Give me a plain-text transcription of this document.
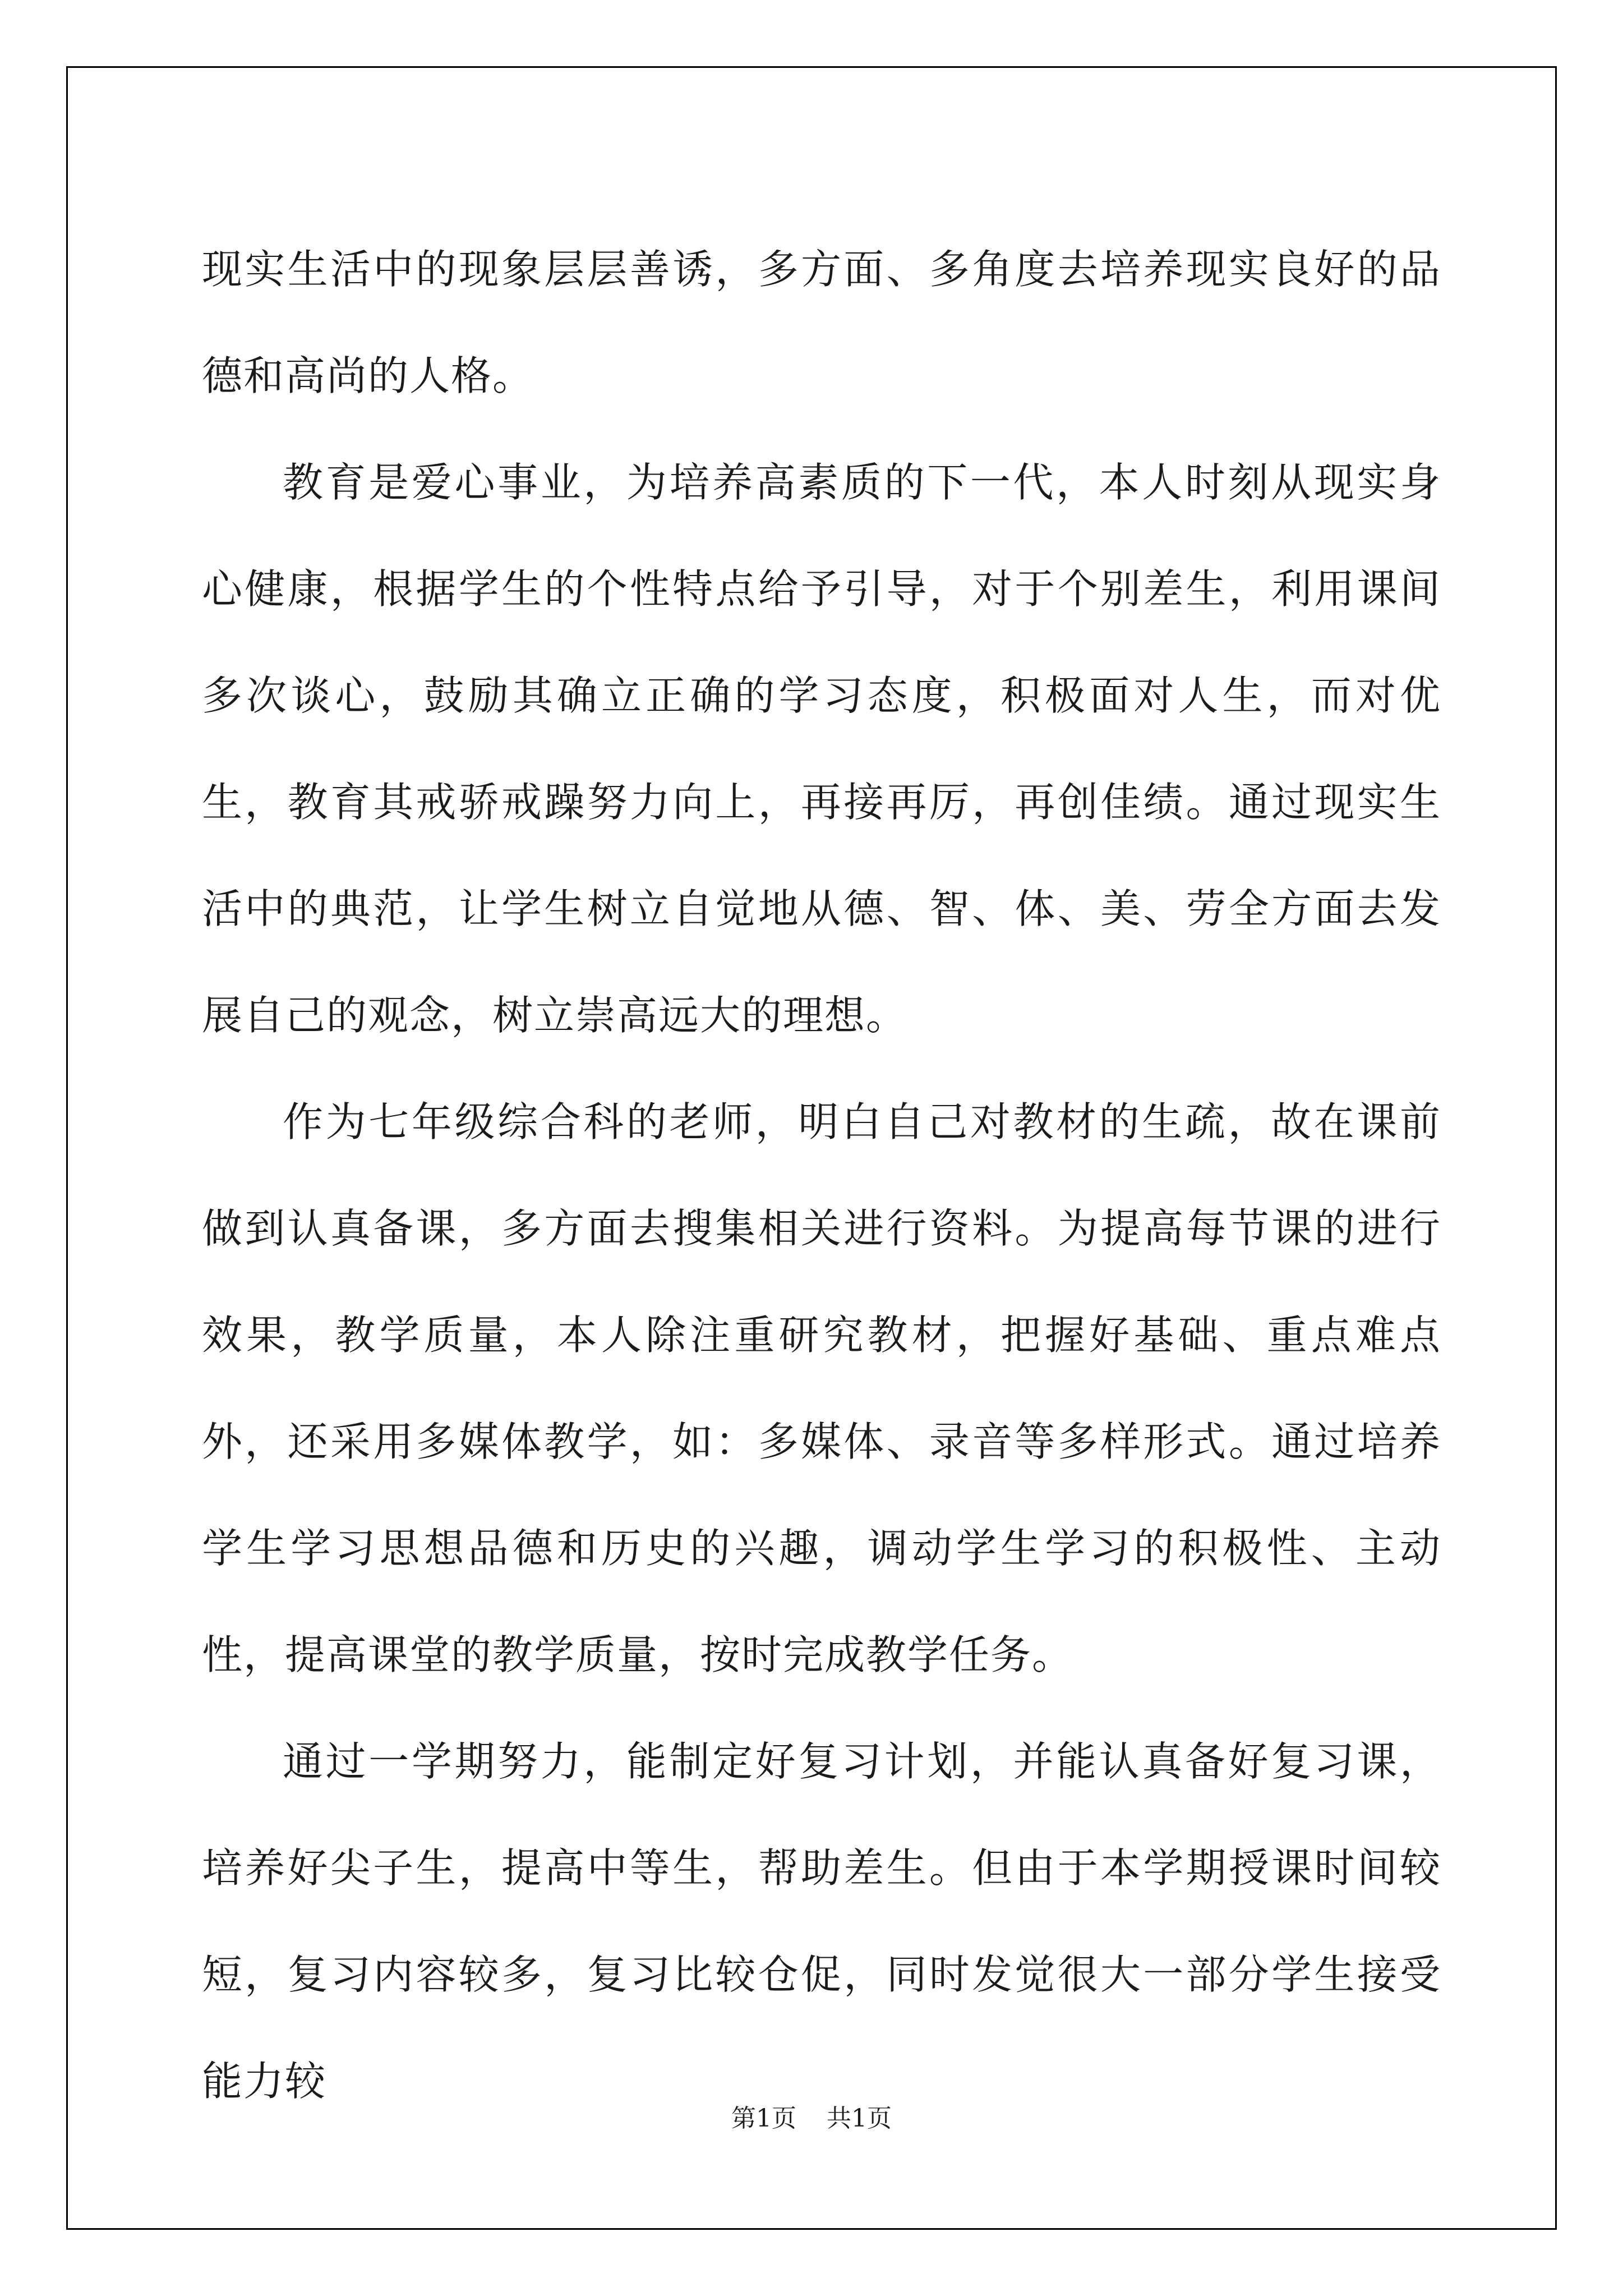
现实生活中的现象层层善诱，多方面、多角度去培养现实良好的品德和高尚的人格。

教育是爱心事业，为培养高素质的下一代，本人时刻从现实身心健康，根据学生的个性特点给予引导，对于个别差生，利用课间多次谈心，鼓励其确立正确的学习态度，积极面对人生，而对优生，教育其戒骄戒躁努力向上，再接再厉，再创佳绩。通过现实生活中的典范，让学生树立自觉地从德、智、体、美、劳全方面去发展自己的观念，树立崇高远大的理想。

作为七年级综合科的老师，明白自己对教材的生疏，故在课前做到认真备课，多方面去搜集相关进行资料。为提高每节课的进行效果，教学质量，本人除注重研究教材，把握好基础、重点难点外，还采用多媒体教学，如：多媒体、录音等多样形式。通过培养学生学习思想品德和历史的兴趣，调动学生学习的积极性、主动性，提高课堂的教学质量，按时完成教学任务。

通过一学期努力，能制定好复习计划，并能认真备好复习课，培养好尖子生，提高中等生，帮助差生。但由于本学期授课时间较短，复习内容较多，复习比较仓促，同时发觉很大一部分学生接受能力较

第1页 共1页
